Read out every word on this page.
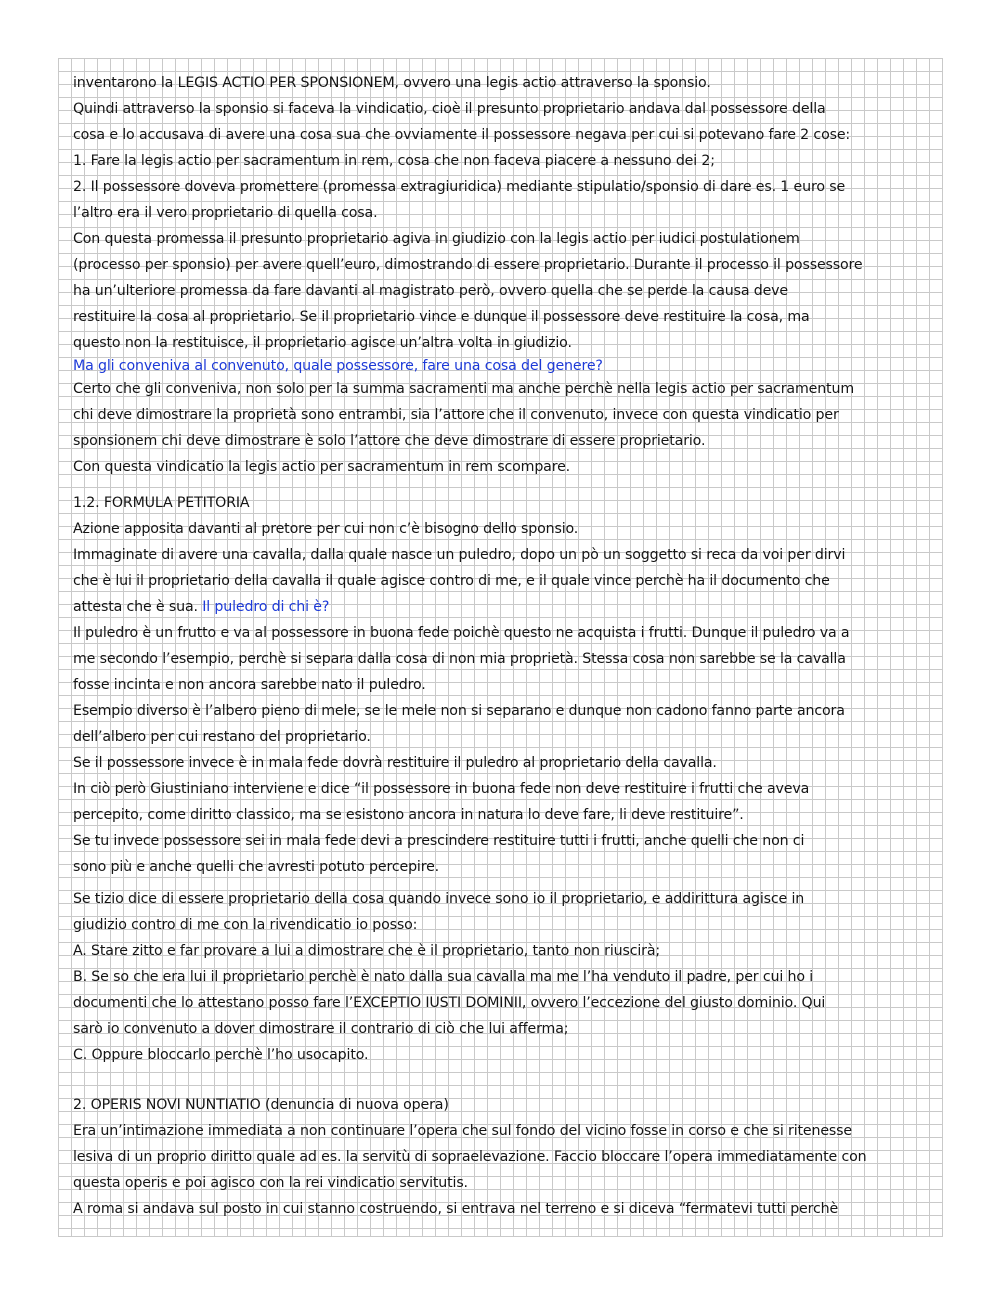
inventarono la LEGIS ACTIO PER SPONSIONEM, ovvero una legis actio attraverso la sponsio.
Quindi attraverso la sponsio si faceva la vindicatio, cioè il presunto proprietario andava dal possessore della
cosa e lo accusava di avere una cosa sua che ovviamente il possessore negava per cui si potevano fare 2 cose:
1. Fare la legis actio per sacramentum in rem, cosa che non faceva piacere a nessuno dei 2;
2. Il possessore doveva promettere (promessa extragiuridica) mediante stipulatio/sponsio di dare es. 1 euro se
l’altro era il vero proprietario di quella cosa.
Con questa promessa il presunto proprietario agiva in giudizio con la legis actio per iudici postulationem
(processo per sponsio) per avere quell’euro, dimostrando di essere proprietario. Durante il processo il possessore
ha un’ulteriore promessa da fare davanti al magistrato però, ovvero quella che se perde la causa deve
restituire la cosa al proprietario. Se il proprietario vince e dunque il possessore deve restituire la cosa, ma
questo non la restituisce, il proprietario agisce un’altra volta in giudizio.
Ma gli conveniva al convenuto, quale possessore, fare una cosa del genere?
Certo che gli conveniva, non solo per la summa sacramenti ma anche perchè nella legis actio per sacramentum
chi deve dimostrare la proprietà sono entrambi, sia l’attore che il convenuto, invece con questa vindicatio per
sponsionem chi deve dimostrare è solo l’attore che deve dimostrare di essere proprietario.
Con questa vindicatio la legis actio per sacramentum in rem scompare.
1.2. FORMULA PETITORIA
Azione apposita davanti al pretore per cui non c’è bisogno dello sponsio.
Immaginate di avere una cavalla, dalla quale nasce un puledro, dopo un pò un soggetto si reca da voi per dirvi
che è lui il proprietario della cavalla il quale agisce contro di me, e il quale vince perchè ha il documento che
attesta che è sua. Il puledro di chi è?
Il puledro è un frutto e va al possessore in buona fede poichè questo ne acquista i frutti. Dunque il puledro va a
me secondo l’esempio, perchè si separa dalla cosa di non mia proprietà. Stessa cosa non sarebbe se la cavalla
fosse incinta e non ancora sarebbe nato il puledro.
Esempio diverso è l’albero pieno di mele, se le mele non si separano e dunque non cadono fanno parte ancora
dell’albero per cui restano del proprietario.
Se il possessore invece è in mala fede dovrà restituire il puledro al proprietario della cavalla.
In ciò però Giustiniano interviene e dice “il possessore in buona fede non deve restituire i frutti che aveva
percepito, come diritto classico, ma se esistono ancora in natura lo deve fare, li deve restituire”.
Se tu invece possessore sei in mala fede devi a prescindere restituire tutti i frutti, anche quelli che non ci
sono più e anche quelli che avresti potuto percepire.
Se tizio dice di essere proprietario della cosa quando invece sono io il proprietario, e addirittura agisce in
giudizio contro di me con la rivendicatio io posso:
A. Stare zitto e far provare a lui a dimostrare che è il proprietario, tanto non riuscirà;
B. Se so che era lui il proprietario perchè è nato dalla sua cavalla ma me l’ha venduto il padre, per cui ho i
documenti che lo attestano posso fare l’EXCEPTIO IUSTI DOMINII, ovvero l’eccezione del giusto dominio. Qui
sarò io convenuto a dover dimostrare il contrario di ciò che lui afferma;
C. Oppure bloccarlo perchè l’ho usocapito.
2. OPERIS NOVI NUNTIATIO (denuncia di nuova opera)
Era un’intimazione immediata a non continuare l’opera che sul fondo del vicino fosse in corso e che si ritenesse
lesiva di un proprio diritto quale ad es. la servitù di sopraelevazione. Faccio bloccare l’opera immediatamente con
questa operis e poi agisco con la rei vindicatio servitutis.
A roma si andava sul posto in cui stanno costruendo, si entrava nel terreno e si diceva “fermatevi tutti perchè
